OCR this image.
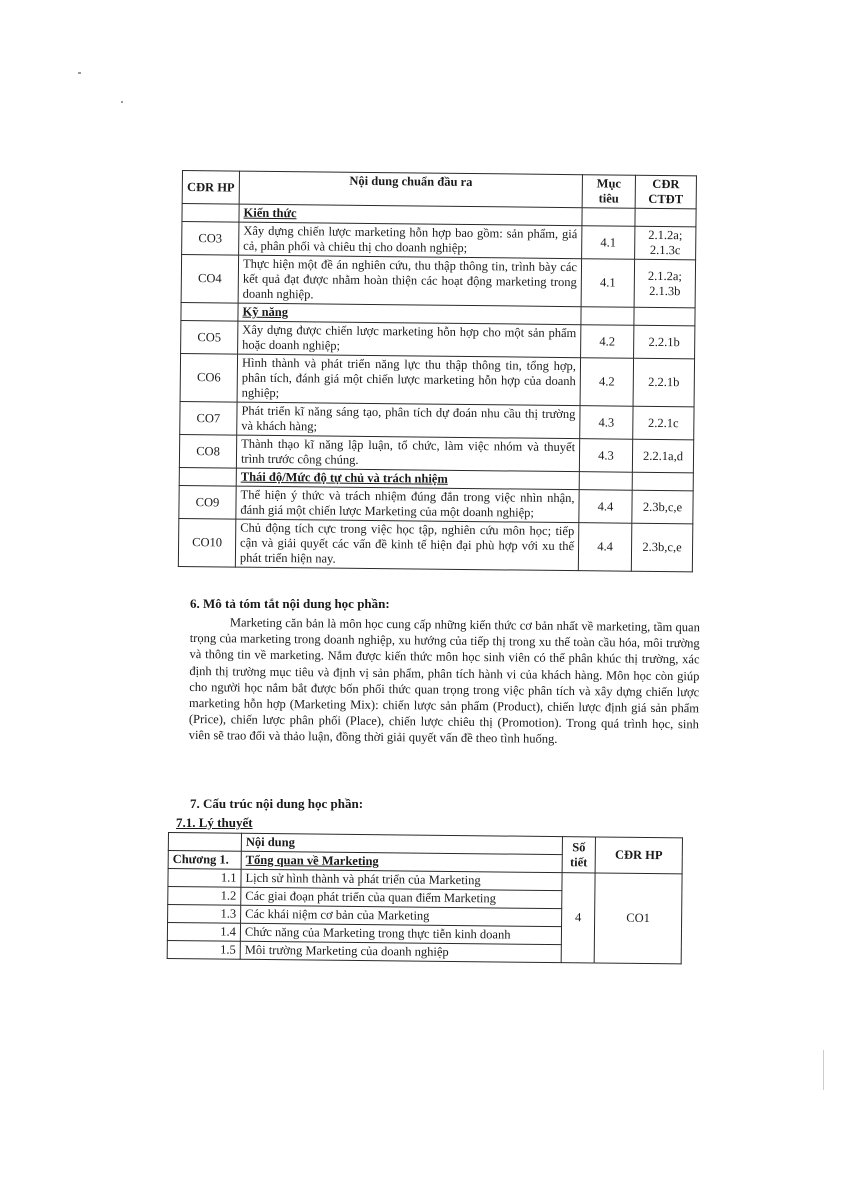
CĐR HP	Nội dung chuẩn đầu ra	Mục tiêu	CĐR CTĐT
	Kiến thức		
CO3	Xây dựng chiến lược marketing hỗn hợp bao gồm: sản phẩm, giá cả, phân phối và chiêu thị cho doanh nghiệp;	4.1	2.1.2a; 2.1.3c
CO4	Thực hiện một đề án nghiên cứu, thu thập thông tin, trình bày các kết quả đạt được nhằm hoàn thiện các hoạt động marketing trong doanh nghiệp.	4.1	2.1.2a; 2.1.3b
	Kỹ năng		
CO5	Xây dựng được chiến lược marketing hỗn hợp cho một sản phẩm hoặc doanh nghiệp;	4.2	2.2.1b
CO6	Hình thành và phát triển năng lực thu thập thông tin, tổng hợp, phân tích, đánh giá một chiến lược marketing hỗn hợp của doanh nghiệp;	4.2	2.2.1b
CO7	Phát triển kĩ năng sáng tạo, phân tích dự đoán nhu cầu thị trường và khách hàng;	4.3	2.2.1c
CO8	Thành thạo kĩ năng lập luận, tổ chức, làm việc nhóm và thuyết trình trước công chúng.	4.3	2.2.1a,d
	Thái độ/Mức độ tự chủ và trách nhiệm		
CO9	Thể hiện ý thức và trách nhiệm đúng đắn trong việc nhìn nhận, đánh giá một chiến lược Marketing của một doanh nghiệp;	4.4	2.3b,c,e
CO10	Chủ động tích cực trong việc học tập, nghiên cứu môn học; tiếp cận và giải quyết các vấn đề kinh tế hiện đại phù hợp với xu thế phát triển hiện nay.	4.4	2.3b,c,e
6. Mô tả tóm tắt nội dung học phần:

Marketing căn bản là môn học cung cấp những kiến thức cơ bản nhất về marketing, tầm quan trọng của marketing trong doanh nghiệp, xu hướng của tiếp thị trong xu thế toàn cầu hóa, môi trường và thông tin về marketing. Nắm được kiến thức môn học sinh viên có thể phân khúc thị trường, xác định thị trường mục tiêu và định vị sản phẩm, phân tích hành vi của khách hàng. Môn học còn giúp cho người học nắm bắt được bốn phối thức quan trọng trong việc phân tích và xây dựng chiến lược marketing hỗn hợp (Marketing Mix): chiến lược sản phẩm (Product), chiến lược định giá sản phẩm (Price), chiến lược phân phối (Place), chiến lược chiêu thị (Promotion). Trong quá trình học, sinh viên sẽ trao đổi và thảo luận, đồng thời giải quyết vấn đề theo tình huống.

7. Cấu trúc nội dung học phần:
7.1. Lý thuyết
	Nội dung	Số tiết	CĐR HP
Chương 1.	Tổng quan về Marketing		
1.1	Lịch sử hình thành và phát triển của Marketing	4	CO1
1.2	Các giai đoạn phát triển của quan điểm Marketing		
1.3	Các khái niệm cơ bản của Marketing		
1.4	Chức năng của Marketing trong thực tiễn kinh doanh		
1.5	Môi trường Marketing của doanh nghiệp		
